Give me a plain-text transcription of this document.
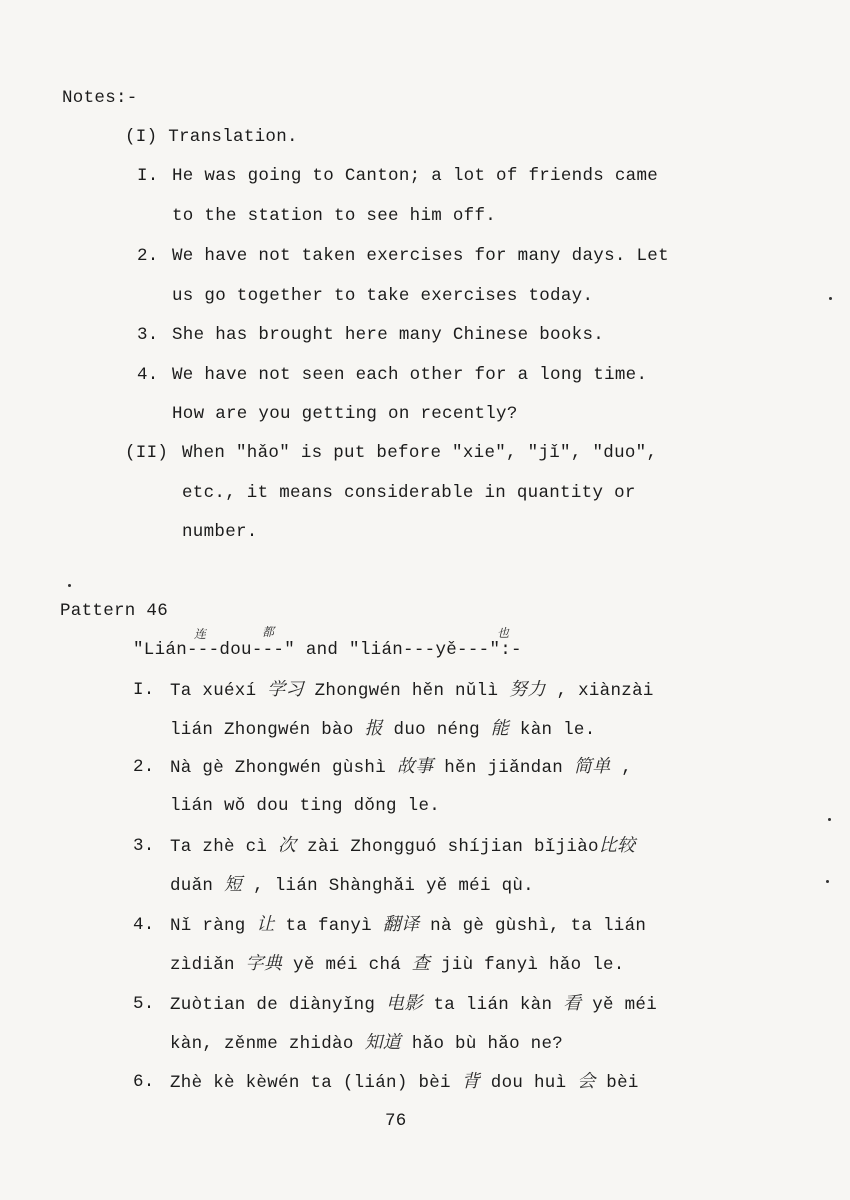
Notes:-
(I) Translation.
I. He was going to Canton; a lot of friends came
to the station to see him off.
2. We have not taken exercises for many days. Let
us go together to take exercises today.
3. She has brought here many Chinese books.
4. We have not seen each other for a long time.
How are you getting on recently?
(II) When "hǎo" is put before "xie", "jǐ", "duo",
etc., it means considerable in quantity or
number.
Pattern 46
连	都	也
"Lián---dou---" and "lián---yě---":-
I. Ta xuéxí 学习 Zhongwén hěn nǔlì 努力 , xiànzài
lián Zhongwén bào 报 duo néng 能 kàn le.
2. Nà gè Zhongwén gùshì 故事 hěn jiǎndan 简单 ,
lián wǒ dou ting dǒng le.
3. Ta zhè cì 次 zài Zhongguó shíjian bǐjiào比较
duǎn 短 , lián Shànghǎi yě méi qù.
4. Nǐ ràng 让 ta fanyì 翻译 nà gè gùshì, ta lián
zìdiǎn 字典 yě méi chá 查 jiù fanyì hǎo le.
5. Zuòtian de diànyǐng 电影 ta lián kàn 看 yě méi
kàn, zěnme zhidào 知道 hǎo bù hǎo ne?
6. Zhè kè kèwén ta (lián) bèi 背 dou huì 会 bèi
76
